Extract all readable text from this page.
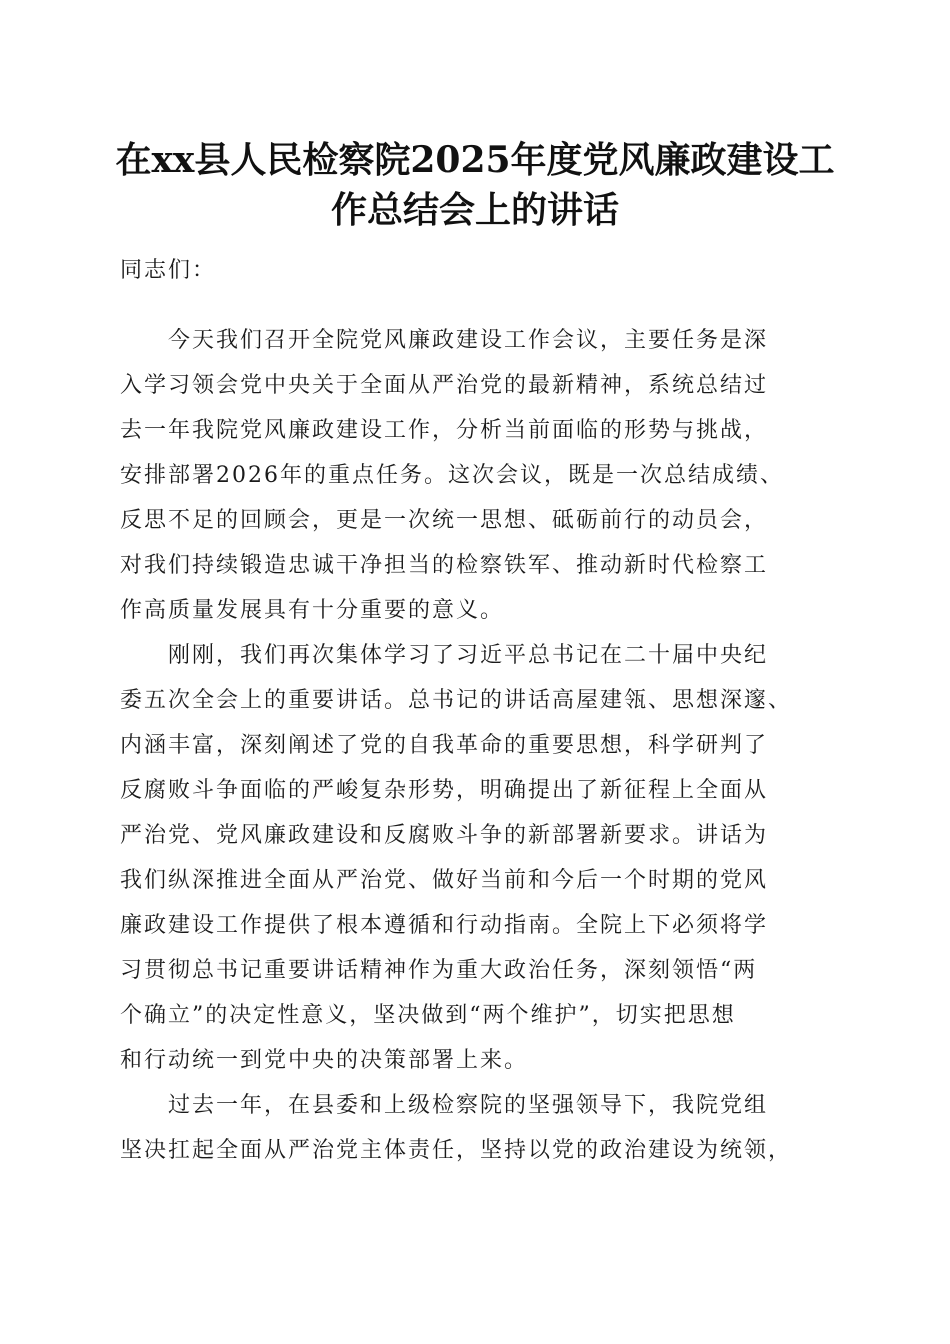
在xx县人民检察院2025年度党风廉政建设工
作总结会上的讲话
同志们：
今天我们召开全院党风廉政建设工作会议，主要任务是深
入学习领会党中央关于全面从严治党的最新精神，系统总结过
去一年我院党风廉政建设工作，分析当前面临的形势与挑战，
安排部署2026年的重点任务。这次会议，既是一次总结成绩、
反思不足的回顾会，更是一次统一思想、砥砺前行的动员会，
对我们持续锻造忠诚干净担当的检察铁军、推动新时代检察工
作高质量发展具有十分重要的意义。
刚刚，我们再次集体学习了习近平总书记在二十届中央纪
委五次全会上的重要讲话。总书记的讲话高屋建瓴、思想深邃、
内涵丰富，深刻阐述了党的自我革命的重要思想，科学研判了
反腐败斗争面临的严峻复杂形势，明确提出了新征程上全面从
严治党、党风廉政建设和反腐败斗争的新部署新要求。讲话为
我们纵深推进全面从严治党、做好当前和今后一个时期的党风
廉政建设工作提供了根本遵循和行动指南。全院上下必须将学
习贯彻总书记重要讲话精神作为重大政治任务，深刻领悟“两
个确立”的决定性意义，坚决做到“两个维护”，切实把思想
和行动统一到党中央的决策部署上来。
过去一年，在县委和上级检察院的坚强领导下，我院党组
坚决扛起全面从严治党主体责任，坚持以党的政治建设为统领，
